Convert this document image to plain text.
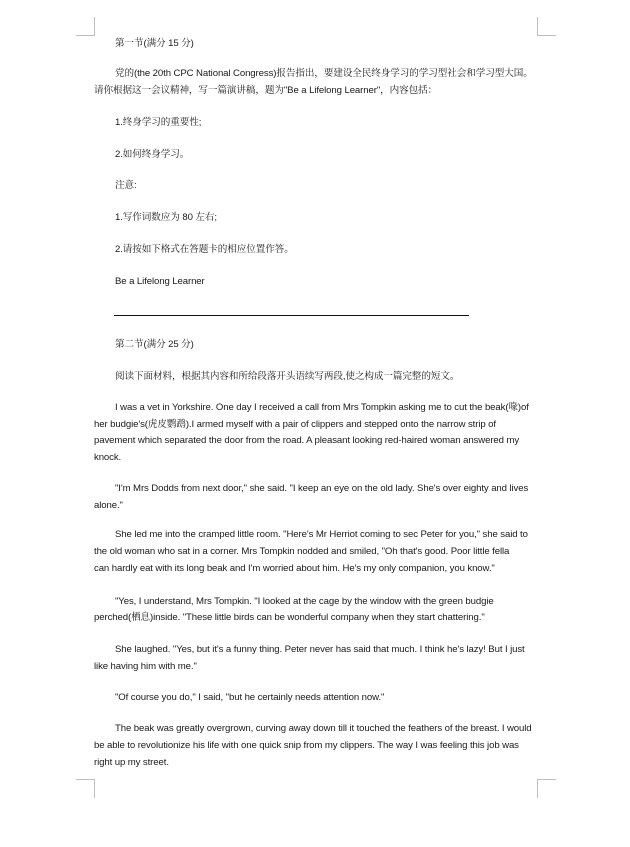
第一节(满分 15 分)
党的(the 20th CPC National Congress)报告指出，要建设全民终身学习的学习型社会和学习型大国。
请你根据这一会议精神，写一篇演讲稿，题为"Be a Lifelong Learner"，内容包括：
1.终身学习的重要性;
2.如何终身学习。
注意:
1.写作词数应为 80 左右;
2.请按如下格式在答题卡的相应位置作答。
Be a Lifelong Learner
第二节(满分 25 分)
阅读下面材料，根据其内容和所给段落开头语续写两段,使之构成一篇完整的短文。
I was a vet in Yorkshire. One day I received a call from Mrs Tompkin asking me to cut the beak(喙)of
her budgie's(虎皮鹦鹉).I armed myself with a pair of clippers and stepped onto the narrow strip of
pavement which separated the door from the road. A pleasant looking red-haired woman answered my
knock.
"I'm Mrs Dodds from next door," she said. "I keep an eye on the old lady. She's over eighty and lives
alone."
She led me into the cramped little room. "Here's Mr Herriot coming to sec Peter for you," she said to
the old woman who sat in a corner. Mrs Tompkin nodded and smiled, "Oh that's good. Poor little fella
can hardly eat with its long beak and I'm worried about him. He's my only companion, you know."
"Yes, I understand, Mrs Tompkin. "I looked at the cage by the window with the green budgie
perched(栖息)inside. "These little birds can be wonderful company when they start chattering."
She laughed. "Yes, but it's a funny thing. Peter never has said that much. I think he's lazy! But I just
like having him with me."
"Of course you do," I said, "but he certainly needs attention now."
The beak was greatly overgrown, curving away down till it touched the feathers of the breast. I would
be able to revolutionize his life with one quick snip from my clippers. The way I was feeling this job was
right up my street.
